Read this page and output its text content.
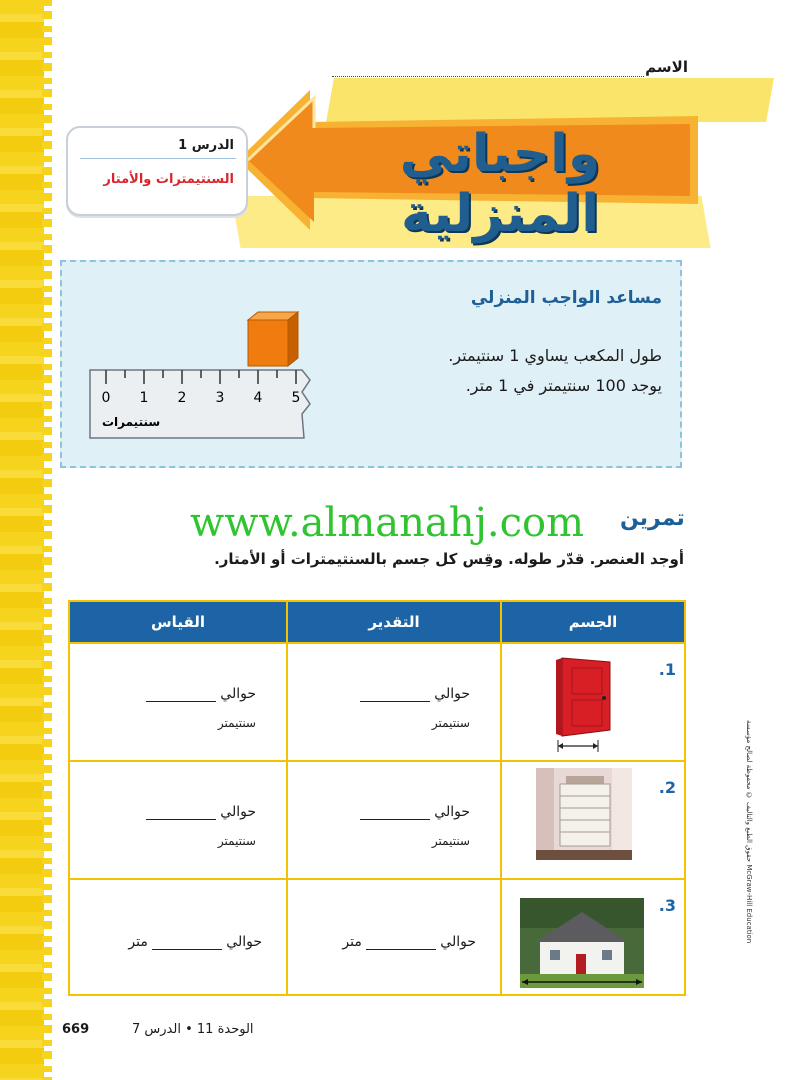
الاسم
واجباتي المنزلية
الدرس 1
السنتيمترات والأمتار
مساعد الواجب المنزلي
طول المكعب يساوي 1 سنتيمتر.
يوجد 100 سنتيمتر في 1 متر.
0 1 2 3 4 5
سنتيمرات
تمرين
www.almanahj.com
أوجد العنصر. قدّر طوله. وقِس كل جسم بالسنتيمترات أو الأمتار.
الجسم
التقدير
القياس
1.
حوالي
سنتيمتر
حوالي
سنتيمتر
2.
حوالي
سنتيمتر
حوالي
سنتيمتر
3.
حوالي متر
حوالي متر
حقوق الطبع والتأليف © محفوظة لصالح مؤسسة McGraw-Hill Education
669	الوحدة 11 • الدرس 7
